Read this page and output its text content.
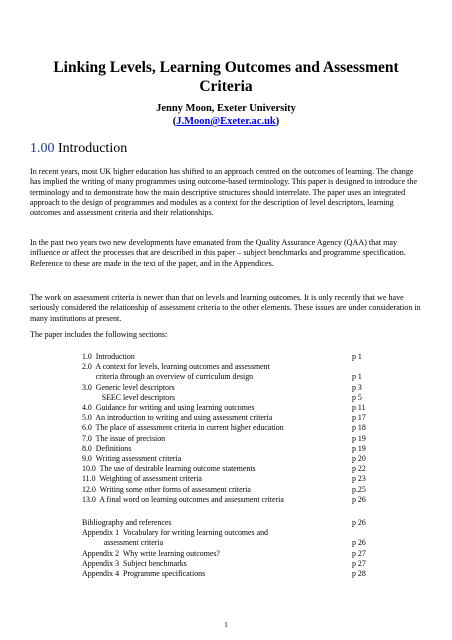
Linking Levels, Learning Outcomes and Assessment Criteria
Jenny Moon, Exeter University
(J.Moon@Exeter.ac.uk)
1.00 Introduction

In recent years, most UK higher education has shifted to an approach centred on the outcomes of learning. The change has implied the writing of many programmes using outcome-based terminology. This paper is designed to introduce the terminology and to demonstrate how the main descriptive structures should interrelate. The paper uses an integrated approach to the design of programmes and modules as a context for the description of level descriptors, learning outcomes and assessment criteria and their relationships.

In the past two years two new developments have emanated from the Quality Assurance Agency (QAA) that may influence or affect the processes that are described in this paper – subject benchmarks and programme specification. Reference to these are made in the text of the paper, and in the Appendices.

The work on assessment criteria is newer than that on levels and learning outcomes. It is only recently that we have seriously considered the relationship of assessment criteria to the other elements. These issues are under consideration in many institutions at present.

The paper includes the following sections:

1.0  Introduction	p 1
2.0  A context for levels, learning outcomes and assessment
criteria through an overview of curriculum design	p 1
3.0  Generic level descriptors	p 3
SEEC level descriptors	p 5
4.0  Guidance for writing and using learning outcomes	p 11
5.0  An introduction to writing and using assessment criteria	p 17
6.0  The place of assessment criteria in current higher education	p 18
7.0  The issue of precision	p 19
8.0  Definitions	p 19
9.0  Writing assessment criteria	p 20
10.0  The use of desirable learning outcome statements	p 22
11.0  Weighting of assessment criteria	p 23
12.0  Writing some other forms of assessment criteria	p.25
13.0  A final word on learning outcomes and assessment criteria	p 26
Bibliography and references	p 26
Appendix 1  Vocabulary for writing learning outcomes and
assessment criteria	p 26
Appendix 2  Why write learning outcomes?	p 27
Appendix 3  Subject benchmarks	p 27
Appendix 4  Programme specifications	p 28
1
